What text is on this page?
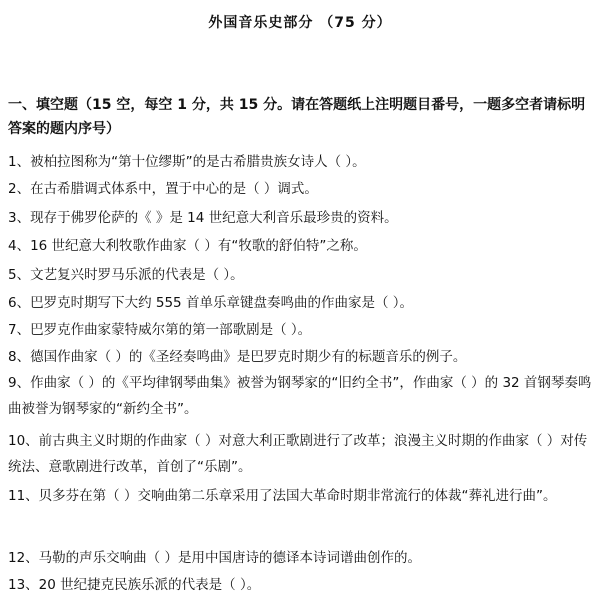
外国音乐史部分 （75 分）
一、填空题（15 空，每空 1 分，共 15 分。请在答题纸上注明题目番号，一题多空者请标明答案的题内序号）
1、被柏拉图称为“第十位缪斯”的是古希腊贵族女诗人（ ）。
2、在古希腊调式体系中，置于中心的是（ ）调式。
3、现存于佛罗伦萨的《 》是 14 世纪意大利音乐最珍贵的资料。
4、16 世纪意大利牧歌作曲家（ ）有“牧歌的舒伯特”之称。
5、文艺复兴时罗马乐派的代表是（ ）。
6、巴罗克时期写下大约 555 首单乐章键盘奏鸣曲的作曲家是（ ）。
7、巴罗克作曲家蒙特威尔第的第一部歌剧是（ ）。
8、德国作曲家（ ）的《圣经奏鸣曲》是巴罗克时期少有的标题音乐的例子。
9、作曲家（ ）的《平均律钢琴曲集》被誉为钢琴家的“旧约全书”，作曲家（ ）的 32 首钢琴奏鸣曲被誉为钢琴家的“新约全书”。
10、前古典主义时期的作曲家（ ）对意大利正歌剧进行了改革；浪漫主义时期的作曲家（ ）对传统法、意歌剧进行改革，首创了“乐剧”。
11、贝多芬在第（ ）交响曲第二乐章采用了法国大革命时期非常流行的体裁“葬礼进行曲”。
12、马勒的声乐交响曲（ ）是用中国唐诗的德译本诗词谱曲创作的。
13、20 世纪捷克民族乐派的代表是（ ）。
